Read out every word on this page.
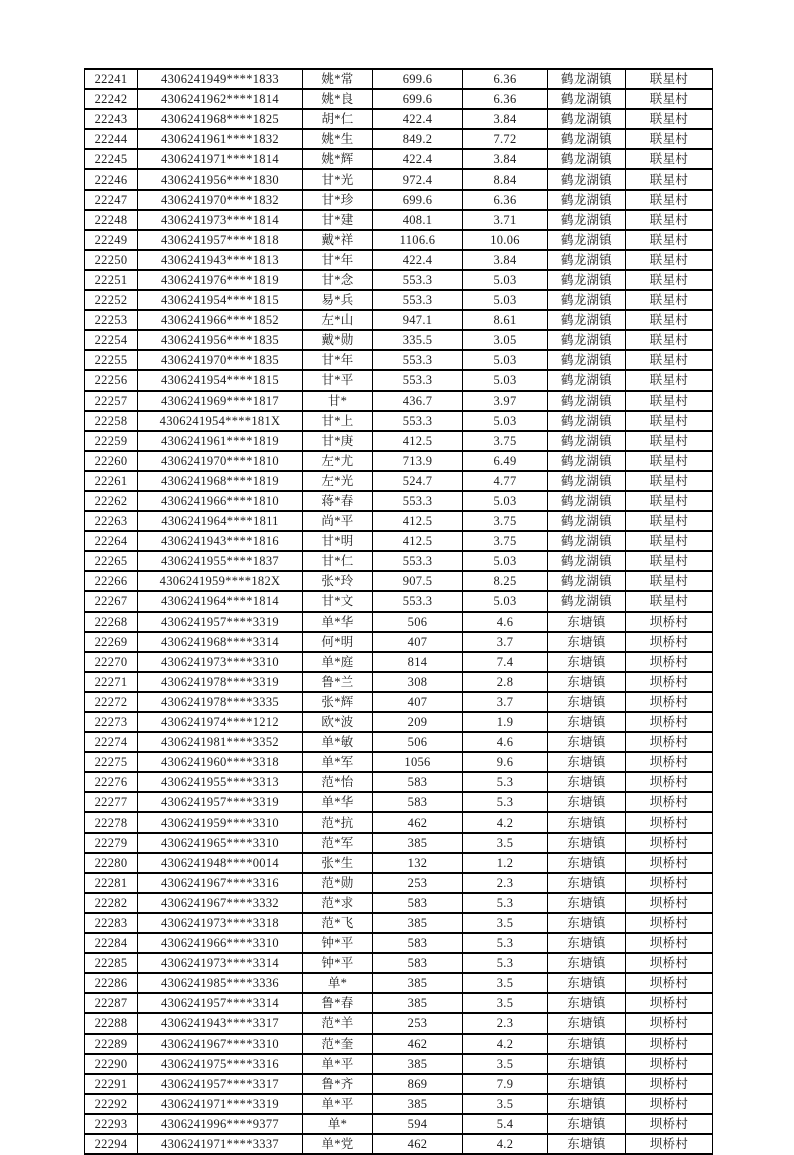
22241	4306241949****1833	姚*常	699.6	6.36	鹤龙湖镇	联星村
22242	4306241962****1814	姚*良	699.6	6.36	鹤龙湖镇	联星村
22243	4306241968****1825	胡*仁	422.4	3.84	鹤龙湖镇	联星村
22244	4306241961****1832	姚*生	849.2	7.72	鹤龙湖镇	联星村
22245	4306241971****1814	姚*辉	422.4	3.84	鹤龙湖镇	联星村
22246	4306241956****1830	甘*光	972.4	8.84	鹤龙湖镇	联星村
22247	4306241970****1832	甘*珍	699.6	6.36	鹤龙湖镇	联星村
22248	4306241973****1814	甘*建	408.1	3.71	鹤龙湖镇	联星村
22249	4306241957****1818	戴*祥	1106.6	10.06	鹤龙湖镇	联星村
22250	4306241943****1813	甘*年	422.4	3.84	鹤龙湖镇	联星村
22251	4306241976****1819	甘*念	553.3	5.03	鹤龙湖镇	联星村
22252	4306241954****1815	易*兵	553.3	5.03	鹤龙湖镇	联星村
22253	4306241966****1852	左*山	947.1	8.61	鹤龙湖镇	联星村
22254	4306241956****1835	戴*勋	335.5	3.05	鹤龙湖镇	联星村
22255	4306241970****1835	甘*年	553.3	5.03	鹤龙湖镇	联星村
22256	4306241954****1815	甘*平	553.3	5.03	鹤龙湖镇	联星村
22257	4306241969****1817	甘*	436.7	3.97	鹤龙湖镇	联星村
22258	4306241954****181X	甘*上	553.3	5.03	鹤龙湖镇	联星村
22259	4306241961****1819	甘*庚	412.5	3.75	鹤龙湖镇	联星村
22260	4306241970****1810	左*尤	713.9	6.49	鹤龙湖镇	联星村
22261	4306241968****1819	左*光	524.7	4.77	鹤龙湖镇	联星村
22262	4306241966****1810	蒋*春	553.3	5.03	鹤龙湖镇	联星村
22263	4306241964****1811	尚*平	412.5	3.75	鹤龙湖镇	联星村
22264	4306241943****1816	甘*明	412.5	3.75	鹤龙湖镇	联星村
22265	4306241955****1837	甘*仁	553.3	5.03	鹤龙湖镇	联星村
22266	4306241959****182X	张*玲	907.5	8.25	鹤龙湖镇	联星村
22267	4306241964****1814	甘*文	553.3	5.03	鹤龙湖镇	联星村
22268	4306241957****3319	单*华	506	4.6	东塘镇	坝桥村
22269	4306241968****3314	何*明	407	3.7	东塘镇	坝桥村
22270	4306241973****3310	单*庭	814	7.4	东塘镇	坝桥村
22271	4306241978****3319	鲁*兰	308	2.8	东塘镇	坝桥村
22272	4306241978****3335	张*辉	407	3.7	东塘镇	坝桥村
22273	4306241974****1212	欧*波	209	1.9	东塘镇	坝桥村
22274	4306241981****3352	单*敏	506	4.6	东塘镇	坝桥村
22275	4306241960****3318	单*军	1056	9.6	东塘镇	坝桥村
22276	4306241955****3313	范*怡	583	5.3	东塘镇	坝桥村
22277	4306241957****3319	单*华	583	5.3	东塘镇	坝桥村
22278	4306241959****3310	范*抗	462	4.2	东塘镇	坝桥村
22279	4306241965****3310	范*军	385	3.5	东塘镇	坝桥村
22280	4306241948****0014	张*生	132	1.2	东塘镇	坝桥村
22281	4306241967****3316	范*勋	253	2.3	东塘镇	坝桥村
22282	4306241967****3332	范*求	583	5.3	东塘镇	坝桥村
22283	4306241973****3318	范*飞	385	3.5	东塘镇	坝桥村
22284	4306241966****3310	钟*平	583	5.3	东塘镇	坝桥村
22285	4306241973****3314	钟*平	583	5.3	东塘镇	坝桥村
22286	4306241985****3336	单*	385	3.5	东塘镇	坝桥村
22287	4306241957****3314	鲁*春	385	3.5	东塘镇	坝桥村
22288	4306241943****3317	范*羊	253	2.3	东塘镇	坝桥村
22289	4306241967****3310	范*奎	462	4.2	东塘镇	坝桥村
22290	4306241975****3316	单*平	385	3.5	东塘镇	坝桥村
22291	4306241957****3317	鲁*齐	869	7.9	东塘镇	坝桥村
22292	4306241971****3319	单*平	385	3.5	东塘镇	坝桥村
22293	4306241996****9377	单*	594	5.4	东塘镇	坝桥村
22294	4306241971****3337	单*党	462	4.2	东塘镇	坝桥村
